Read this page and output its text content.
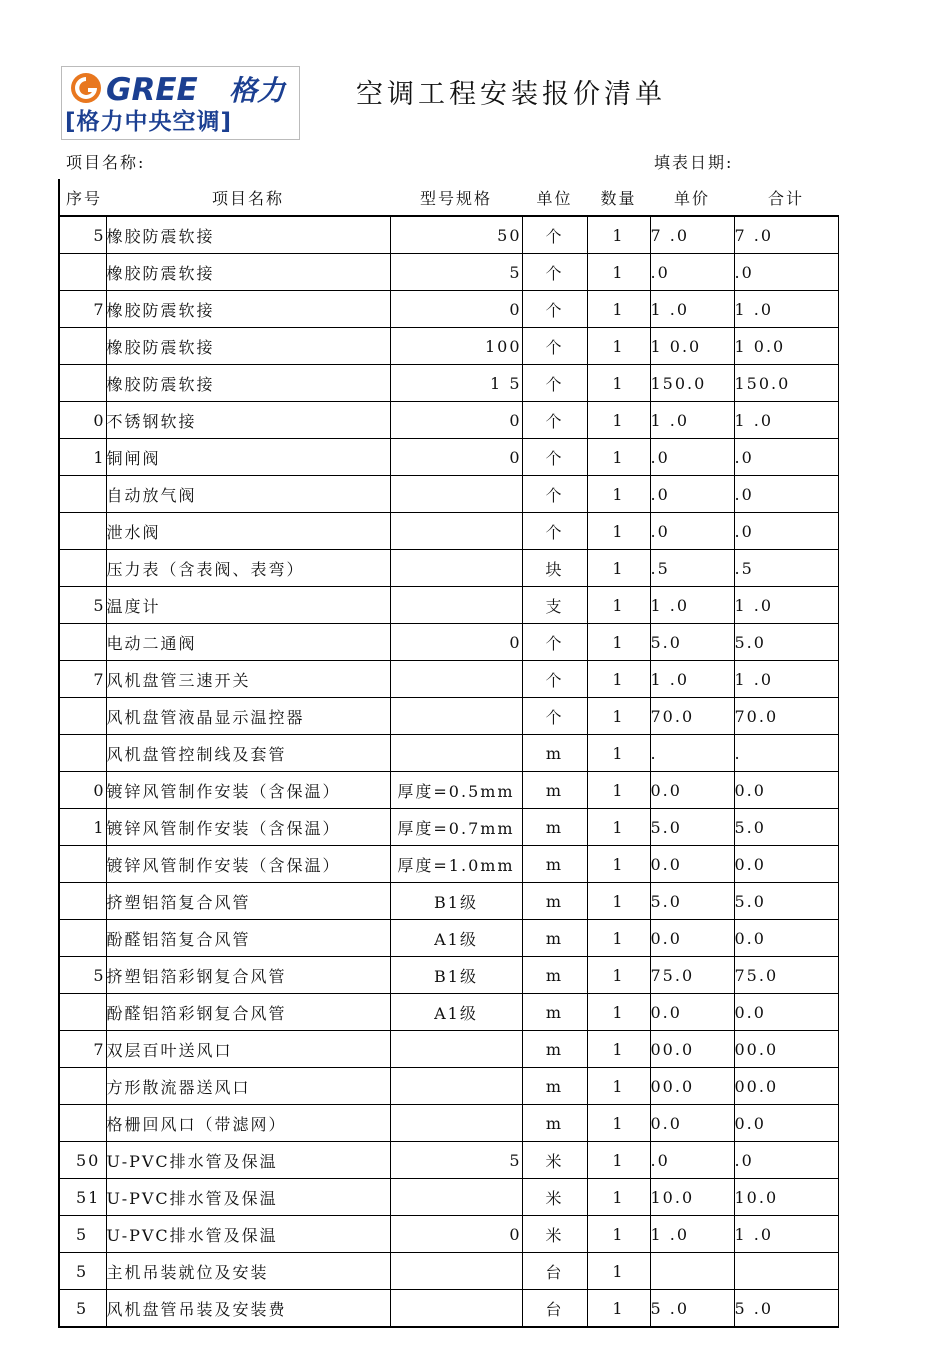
GREE 格力
[格力中央空调]
空调工程安装报价清单
项目名称:	填表日期:
序号	项目名称	型号规格	单位	数量	单价	合计
5	橡胶防震软接	50	个	1	7 .0	7 .0
	橡胶防震软接	5	个	1	.0	.0
7	橡胶防震软接	0	个	1	1 .0	1 .0
	橡胶防震软接	100	个	1	1 0.0	1 0.0
	橡胶防震软接	1 5	个	1	150.0	150.0
0	不锈钢软接	0	个	1	1 .0	1 .0
1	铜闸阀	0	个	1	.0	.0
	自动放气阀		个	1	.0	.0
	泄水阀		个	1	.0	.0
	压力表（含表阀、表弯）		块	1	.5	.5
5	温度计		支	1	1 .0	1 .0
	电动二通阀	0	个	1	5.0	5.0
7	风机盘管三速开关		个	1	1 .0	1 .0
	风机盘管液晶显示温控器		个	1	70.0	70.0
	风机盘管控制线及套管		m	1	.	.
0	镀锌风管制作安装（含保温）	厚度=0.5mm	m	1	0.0	0.0
1	镀锌风管制作安装（含保温）	厚度=0.7mm	m	1	5.0	5.0
	镀锌风管制作安装（含保温）	厚度=1.0mm	m	1	0.0	0.0
	挤塑铝箔复合风管	B1级	m	1	5.0	5.0
	酚醛铝箔复合风管	A1级	m	1	0.0	0.0
5	挤塑铝箔彩钢复合风管	B1级	m	1	75.0	75.0
	酚醛铝箔彩钢复合风管	A1级	m	1	0.0	0.0
7	双层百叶送风口		m	1	00.0	00.0
	方形散流器送风口		m	1	00.0	00.0
	格栅回风口（带滤网）		m	1	0.0	0.0
50	U-PVC排水管及保温	5	米	1	.0	.0
51	U-PVC排水管及保温		米	1	10.0	10.0
5	U-PVC排水管及保温	0	米	1	1 .0	1 .0
5	主机吊装就位及安装		台	1		
5	风机盘管吊装及安装费		台	1	5 .0	5 .0
